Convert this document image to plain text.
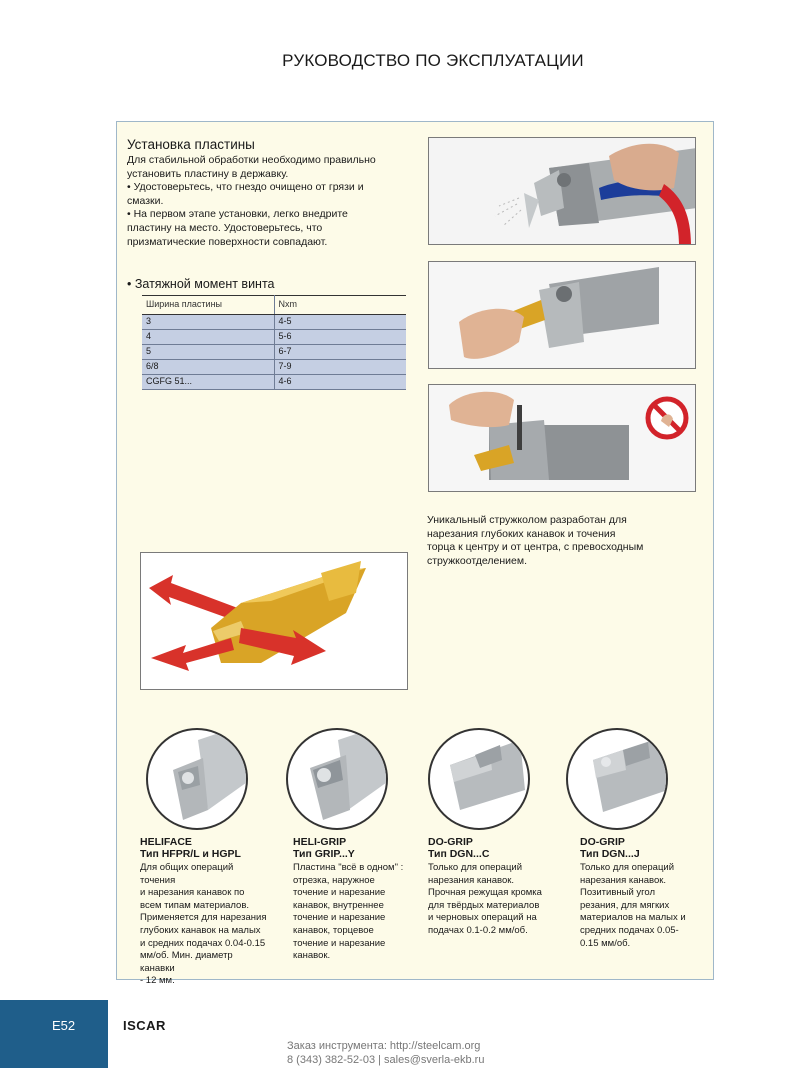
РУКОВОДСТВО ПО ЭКСПЛУАТАЦИИ
Установка пластины

Для стабильной обработки необходимо правильно

установить пластину в державку.

• Удостоверьтесь, что гнездо очищено от грязи и

смазки.

• На первом этапе установки, легко внедрите

пластину на место. Удостоверьтесь, что

призматические поверхности совпадают.

• Затяжной момент винта
Ширина пластины	Nxm
3	4-5
4	5-6
5	6-7
6/8	7-9
CGFG 51...	4-6
Уникальный стружколом разработан для
нарезания глубоких канавок и точения
торца к центру и от центра, с превосходным
стружкоотделением.
HELIFACE
Тип HFPR/L и HGPL
Для общих операций точения
и нарезания канавок по
всем типам материалов.
Применяется для нарезания
глубоких канавок на малых
и средних подачах 0.04-0.15
мм/об. Мин. диаметр канавки
- 12 мм.
HELI-GRIP
Тип GRIP...Y
Пластина "всё в одном" :
отрезка, наружное
точение и нарезание
канавок, внутреннее
точение и нарезание
канавок, торцевое
точение и нарезание
канавок.
DO-GRIP
Тип DGN...C
Только для операций
нарезания канавок.
Прочная режущая кромка
для твёрдых материалов
и черновых операций на
подачах 0.1-0.2 мм/об.
DO-GRIP
Тип DGN...J
Только для операций
нарезания канавок.
Позитивный угол
резания, для мягких
материалов на малых и
средних подачах 0.05-
0.15 мм/об.
E52	ISCAR
Заказ инструмента: http://steelcam.org
8 (343) 382-52-03 | sales@sverla-ekb.ru
